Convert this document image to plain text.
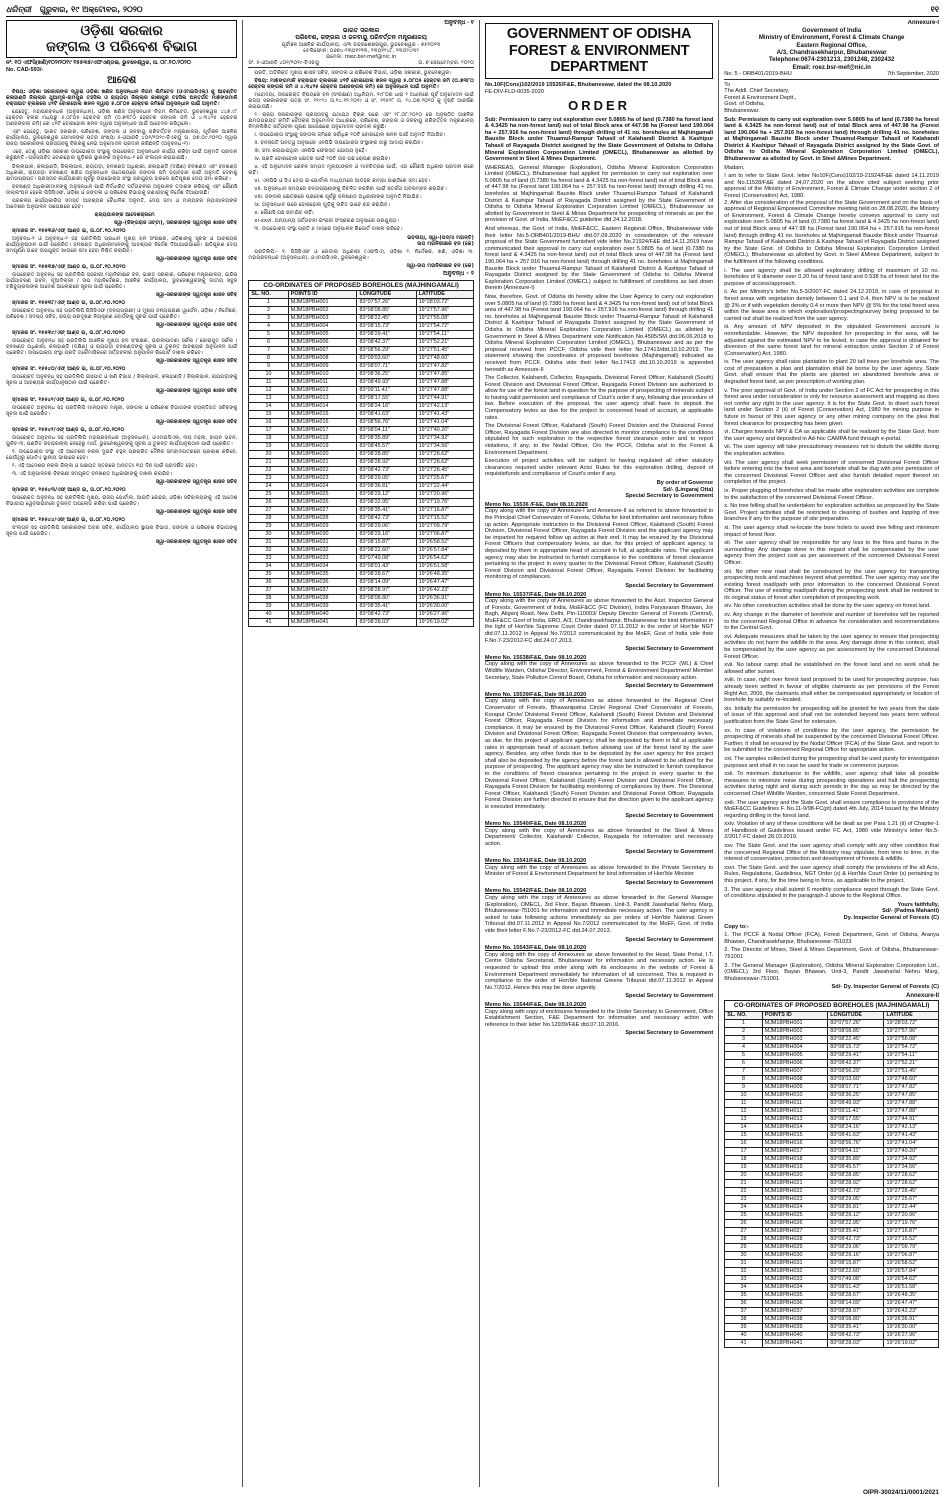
ଧରିତ୍ରୀ ଗୁରୁବାର, ୧୯ ଅକ୍ଟୋବର, ୨୦୨୦	୧୧
ଓଡ଼ିଶା ସରକାର
ଜଙ୍ଗଲ ଓ ପରିବେଶ ବିଭାଗ
ନଂ. ୧୦ ଏଫସି(ଖଣି)୧୦୨/୨୦୧୯ ୧୫୫୩୫/ଏଫଏଣ୍ଡଇ, ଭୁବନେଶ୍ୱର, ତା. ୦୮.୧୦.୨୦୨୦
No. CAD-593/-
ଆଦେଶ

ବିଷୟ: ଓଡ଼ିଶା ସରକାରଙ୍କ ଦ୍ୱାରା ଓଡ଼ିଶା ଖଣିଜ ଅନୁସନ୍ଧାନ ନିଗମ ଲିମିଟେଡ (ଓଏମଇସିଏଲ) କୁ ଆବଣ୍ଟିତ କଳାହାଣ୍ଡି ଜିଲ୍ଲାର ଥୁଆମୂଳ-ରାମପୁର ତହସିଲ ଓ ରାୟଗଡ଼ା ଜିଲ୍ଲାର କାଶୀପୁର ତହସିଲ ଅନ୍ତର୍ଗତ ମାଝିଙ୍ଗମାଳି ବକ୍ସାଇଟ ବ୍ଲକରେ ୪୧ଟି ବୋରହୋଲ ଖନନ ଦ୍ୱାରା ୫.୦୮୦୫ ହେକ୍ଟର ଜମିରେ ଅନୁସନ୍ଧାନ ପାଇଁ ଅନୁମତି।

ଯେହେତୁ, ମହାପ୍ରବନ୍ଧକ (ଅନୁସନ୍ଧାନ), ଓଡ଼ିଶା ଖଣିଜ ଅନୁସନ୍ଧାନ ନିଗମ ଲିମିଟେଡ, ଭୁବନେଶ୍ୱର ୪୪୭.୯୮ ହେକ୍ଟର ବ୍ଲକ ମଧ୍ୟରୁ ୫.୦୮୦୫ ହେକ୍ଟର ଜମି (୦.୭୩୮୦ ହେକ୍ଟର ଜଙ୍ଗଲ ଜମି ଓ ୪.୩୪୨୫ ହେକ୍ଟର ଅଣଜଙ୍ଗଲ ଜମି) ରେ ୪୧ଟି ବୋରହୋଲ ଖନନ ଦ୍ୱାରା ଅନୁସନ୍ଧାନ ପାଇଁ ଆବେଦନ କରିଥିଲେ।

ଏବଂ ଯେହେତୁ, ଭାରତ ସରକାର, ପରିବେଶ, ଜଙ୍ଗଲ ଓ ଜଳବାୟୁ ପରିବର୍ତ୍ତନ ମନ୍ତ୍ରଣାଳୟ, ପୂର୍ବାଞ୍ଚଳ ଆଞ୍ଚଳିକ କାର୍ଯ୍ୟାଳୟ, ଭୁବନେଶ୍ୱର ସେମାନଙ୍କ ପତ୍ର ସଂଖ୍ୟା ୫-ଓଆରବି ୪୦୧/୨୦୧୯-ବିଏଚୟୁ ତା. ୦୭.୦୯.୨୦୨୦ ଦ୍ୱାରା ରାଜ୍ୟ ସରକାରଙ୍କ ପ୍ରସ୍ତାବକୁ ବିଚାରକୁ ନେଇ ଅନୁମୋଦନ ପ୍ରଦାନ କରିଛନ୍ତି (ଅନୁବନ୍ଧ-୧)।

ଏବେ, ତେଣୁ ଓଡ଼ିଶା ସରକାର ଉପଭୋକ୍ତା ସଂସ୍ଥାକୁ ଉପରୋକ୍ତ ଅନୁସନ୍ଧାନ କାର୍ଯ୍ୟ କରିବା ପାଇଁ ଅନୁମତି ପ୍ରଦାନ କରୁଛନ୍ତି। ପ୍ରସ୍ତାବିତ ବୋରହୋଲ ଗୁଡ଼ିକର ସ୍ଥାନାଙ୍କ ଅନୁବନ୍ଧ-୨ ରେ ସଂଲଗ୍ନ କରାଯାଇଛି।

ଜିଲ୍ଲାପାଳ, କଳାହାଣ୍ଡି, ଜିଲ୍ଲାପାଳ, ରାୟଗଡ଼ା, ବନଖଣ୍ଡ ଅଧିକାରୀ, କଳାହାଣ୍ଡି (ଦକ୍ଷିଣ) ବନଖଣ୍ଡ ଏବଂ ବନଖଣ୍ଡ ଅଧିକାରୀ, ରାୟଗଡ଼ା ବନଖଣ୍ଡ ଖଣିଜ ଅନୁସନ୍ଧାନ ଉଦ୍ଦେଶ୍ୟରେ ଜଙ୍ଗଲ ଜମି ବ୍ୟବହାର ପାଇଁ ଅନୁମତି ଦେବାକୁ କ୍ଷମତାପ୍ରାପ୍ତ। ପ୍ରସ୍ତାବ କାର୍ଯ୍ୟକାରୀ ପୂର୍ବରୁ ଉପଭୋକ୍ତା ସଂସ୍ଥା ପ୍ରଯୁଜ୍ୟ ହାରରେ କ୍ଷତିପୂରଣ ଦେୟ ଜମା କରିବେ।

ବନଖଣ୍ଡ ଅଧିକାରୀମାନଙ୍କୁ ଅନୁସନ୍ଧାନ ପାଇଁ ନିର୍ଦ୍ଧାରିତ ସର୍ତ୍ତାବଳୀର ଅନୁପାଳନ ତଦାରଖ କରିବାକୁ ଏବଂ କୌଣସି ଉଲ୍ଲଂଘନ ହେଲେ ପିସିସିଏଫ, ଓଡ଼ିଶା ଓ ଜଙ୍ଗଲ ଓ ପରିବେଶ ବିଭାଗକୁ ଜଣାଇବାକୁ ନିର୍ଦ୍ଦେଶ ଦିଆଯାଉଛି।

ପ୍ରକଳ୍ପ କାର୍ଯ୍ୟକାରିତା ସମସ୍ତ ଆବଶ୍ୟକ ବୈଧାନିକ ଅନୁମତି, ଦେୟ ଜମା ଓ ମାନ୍ୟବର ନ୍ୟାୟାଳୟଙ୍କ ଆଦେଶର ଅନୁପାଳନ ସାପେକ୍ଷରେ ହେବ।

ରାଜ୍ୟପାଳଙ୍କ ଆଦେଶକ୍ରମେ

ସ୍ୱା-(ଜିଙ୍ଗରାଜ ଓଟ୍ଟା), ସରକାରଙ୍କ ସ୍ୱତନ୍ତ୍ର ଶାସନ ସଚିବ

ସ୍ମାରକ ସଂ. ୧୫୫୩୬/ଏଫ୍ ଆଣ୍ଡ ଇ, ତା.୦୮.୧୦.୨୦୨୦

ଅନୁବନ୍ଧ-୧ ଓ ଅନୁବନ୍ଧ-୨ ସହ ପ୍ରତିଲିପି ପ୍ରଧାନ ମୁଖ୍ୟ ବନ ସଂରକ୍ଷକ, ଓଡ଼ିଶାଙ୍କୁ ସୂଚନା ଓ ଆବଶ୍ୟକ କାର୍ଯ୍ୟାନୁଷ୍ଠାନ ପାଇଁ ପ୍ରେରିତ। ବନଖଣ୍ଡ ଅଧିକାରୀମାନଙ୍କୁ ଆବଶ୍ୟକ ନିର୍ଦ୍ଦେଶ ଦିଆଯାଇପାରେ। କ୍ଷତିପୂରଣ ଦେୟ ସମ୍ପୂର୍ଣ୍ଣ ଭାବେ ଉପଯୁକ୍ତ ଖାତାରେ ଜମା ହେବା ନିଶ୍ଚିତ କରାଯିବ।

ସ୍ୱା-ସରକାରଙ୍କ ସ୍ୱତନ୍ତ୍ର ଶାସନ ସଚିବ

ସ୍ମାରକ ସଂ. ୧୫୫୩୭/ଏଫ୍ ଆଣ୍ଡ ଇ, ତା.୦୮.୧୦.୨୦୨୦

ଉପରୋକ୍ତ ଅନୁବନ୍ଧ ସହ ପ୍ରତିଲିପି ସହକାରୀ ମହାନିରୀକ୍ଷକ ବନ, ଭାରତ ସରକାର, ପରିବେଶ ମନ୍ତ୍ରଣାଳୟ, ଇନ୍ଦିରା ପର୍ଯ୍ୟାବରଣ ଭବନ, ନୂଆଦିଲ୍ଲୀ / ଉପ ମହାନିର୍ଦ୍ଦେଶକ, ଆଞ୍ଚଳିକ କାର୍ଯ୍ୟାଳୟ, ଭୁବନେଶ୍ୱରଙ୍କୁ ଜାତୀୟ ସବୁଜ ଟ୍ରିବ୍ୟୁନାଲଙ୍କ ଆଦେଶ ଆଲୋକରେ ସୂଚନା ପାଇଁ ପ୍ରେରିତ।

ସ୍ୱା-ସରକାରଙ୍କ ସ୍ୱତନ୍ତ୍ର ଶାସନ ସଚିବ

ସ୍ମାରକ ସଂ. ୧୫୫୩୮/ଏଫ୍ ଆଣ୍ଡ ଇ, ତା.୦୮.୧୦.୨୦୨୦

ଉପରୋକ୍ତ ଅନୁବନ୍ଧ ସହ ପ୍ରତିଲିପି ପିସିସିଏଫ (ବନ୍ୟପ୍ରାଣୀ) ଓ ମୁଖ୍ୟ ବନ୍ୟପ୍ରାଣୀ ୱାର୍ଡେନ, ଓଡ଼ିଶା / ନିର୍ଦ୍ଦେଶକ, ପରିବେଶ / ସଦସ୍ୟ ସଚିବ, ରାଜ୍ୟ ପ୍ରଦୂଷଣ ନିୟନ୍ତ୍ରଣ ବୋର୍ଡଙ୍କୁ ସୂଚନା ପାଇଁ ପ୍ରେରିତ।

ସ୍ୱା-ସରକାରଙ୍କ ସ୍ୱତନ୍ତ୍ର ଶାସନ ସଚିବ

ସ୍ମାରକ ସଂ. ୧୫୫୩୯/ଏଫ୍ ଆଣ୍ଡ ଇ, ତା.୦୮.୧୦.୨୦୨୦

ଉପରୋକ୍ତ ଅନୁବନ୍ଧ ସହ ପ୍ରତିଲିପି ଆଞ୍ଚଳିକ ମୁଖ୍ୟ ବନ ସଂରକ୍ଷକ, ଭବାନୀପାଟଣା ସର୍କଲ / କୋରାପୁଟ ସର୍କଲ / ବନଖଣ୍ଡ ଅଧିକାରୀ, କଳାହାଣ୍ଡି (ଦକ୍ଷିଣ) ଓ ରାୟଗଡ଼ା ବନଖଣ୍ଡଙ୍କୁ ସୂଚନା ଓ ତୁରନ୍ତ ଆବଶ୍ୟକ ଅନୁପାଳନ ପାଇଁ ପ୍ରେରିତ। ଉପଭୋକ୍ତା ସଂସ୍ଥା ପ୍ରତି ତ୍ରୈମାସିକରେ ସର୍ତ୍ତାବଳୀର ଅନୁପାଳନ ରିପୋର୍ଟ ଦାଖଲ କରିବେ।

ସ୍ୱା-ସରକାରଙ୍କ ସ୍ୱତନ୍ତ୍ର ଶାସନ ସଚିବ

ସ୍ମାରକ ସଂ. ୧୫୫୪୦/ଏଫ୍ ଆଣ୍ଡ ଇ, ତା.୦୮.୧୦.୨୦୨୦

ଉପରୋକ୍ତ ଅନୁବନ୍ଧ ସହ ପ୍ରତିଲିପି ଇସ୍ପାତ ଓ ଖଣି ବିଭାଗ / ଜିଲ୍ଲାପାଳ, କଳାହାଣ୍ଡି / ଜିଲ୍ଲାପାଳ, ରାୟଗଡ଼ାଙ୍କୁ ସୂଚନା ଓ ଆବଶ୍ୟକ କାର୍ଯ୍ୟାନୁଷ୍ଠାନ ପାଇଁ ପ୍ରେରିତ।

ସ୍ୱା-ସରକାରଙ୍କ ସ୍ୱତନ୍ତ୍ର ଶାସନ ସଚିବ

ସ୍ମାରକ ସଂ. ୧୫୫୪୧/ଏଫ୍ ଆଣ୍ଡ ଇ, ତା.୦୮.୧୦.୨୦୨୦

ଉପରୋକ୍ତ ଅନୁବନ୍ଧ ସହ ପ୍ରତିଲିପି ମାନ୍ୟବର ମନ୍ତ୍ରୀ, ଜଙ୍ଗଲ ଓ ପରିବେଶ ବିଭାଗଙ୍କ ବ୍ୟକ୍ତିଗତ ସଚିବଙ୍କୁ ସୂଚନା ପାଇଁ ପ୍ରେରିତ।

ସ୍ୱା-ସରକାରଙ୍କ ସ୍ୱତନ୍ତ୍ର ଶାସନ ସଚିବ

ସ୍ମାରକ ସଂ. ୧୫୫୪୨/ଏଫ୍ ଆଣ୍ଡ ଇ, ତା.୦୮.୧୦.୨୦୨୦

ଉପରୋକ୍ତ ଅନୁବନ୍ଧ ସହ ପ୍ରତିଲିପି ମହାପ୍ରବନ୍ଧକ (ଅନୁସନ୍ଧାନ), ଓଏମଇସିଏଲ, ୩ୟ ମହଲା, ବାୟନ ଭବନ, ୟୁନିଟ-୩, ପଣ୍ଡିତ ଜବାହରଲାଲ ନେହେରୁ ମାର୍ଗ, ଭୁବନେଶ୍ୱରଙ୍କୁ ସୂଚନା ଓ ତୁରନ୍ତ କାର୍ଯ୍ୟାନୁଷ୍ଠାନ ପାଇଁ ପ୍ରେରିତ।

୧. ଉପଭୋକ୍ତା ସଂସ୍ଥା ଏହି ଆଦେଶର ନକଲ ଦୁଇଟି ବହୁଳ ପ୍ରଚାରିତ ଦୈନିକ ସମ୍ବାଦପତ୍ରରେ ପ୍ରକାଶ କରିବେ, ଯେଉଁଥିରୁ ଗୋଟିଏ ସ୍ଥାନୀୟ ଭାଷାରେ ହେବ।

୨. ଏହି ଆଦେଶର ନକଲ ଜିଲ୍ଲା ଓ ପଞ୍ଚାୟତ ସ୍ତରରେ ଅନ୍ତତଃ ୩୦ ଦିନ ପାଇଁ ପ୍ରଦର୍ଶିତ ହେବ।

୩. ଏହି ଅନୁପାଳନର ବିବରଣୀ ସମ୍ପୃକ୍ତ ବନଖଣ୍ଡ ଅଧିକାରୀଙ୍କୁ ଦାଖଲ କରାଯିବ।

ସ୍ୱା-ସରକାରଙ୍କ ସ୍ୱତନ୍ତ୍ର ଶାସନ ସଚିବ

ସ୍ମାରକ ସଂ. ୧୫୫୪୩/ଏଫ୍ ଆଣ୍ଡ ଇ, ତା.୦୮.୧୦.୨୦୨୦

ଉପରୋକ୍ତ ଅନୁବନ୍ଧ ସହ ପ୍ରତିଲିପି ମୁଖ୍ୟ, ରାଜ୍ୟ ପୋର୍ଟାଲ, ଆଇଟି କେନ୍ଦ୍ର, ଓଡ଼ିଶା ସଚିବାଳୟଙ୍କୁ ଏହି ଆଦେଶ ବିଭାଗୀୟ ୱେବସାଇଟରେ ତୁରନ୍ତ ଅପଲୋଡ କରିବା ପାଇଁ ପ୍ରେରିତ।

ସ୍ୱା-ସରକାରଙ୍କ ସ୍ୱତନ୍ତ୍ର ଶାସନ ସଚିବ

ସ୍ମାରକ ସଂ. ୧୫୫୪୪/ଏଫ୍ ଆଣ୍ଡ ଇ, ତା.୦୮.୧୦.୨୦୨୦

ସଂଲଗ୍ନ ସହ ପ୍ରତିଲିପି ସରକାରଙ୍କ ଅବର ସଚିବ, କାର୍ଯ୍ୟାଳୟ ସ୍ଥାପନା ବିଭାଗ, ଜଙ୍ଗଲ ଓ ପରିବେଶ ବିଭାଗଙ୍କୁ ସୂଚନା ପାଇଁ ପ୍ରେରିତ।

ସ୍ୱା-ସରକାରଙ୍କ ସ୍ୱତନ୍ତ୍ର ଶାସନ ସଚିବ

ଅନୁବନ୍ଧ - ୧
ଭାରତ ସରକାର
ପରିବେଶ, ଜଙ୍ଗଲ ଓ ଜଳବାୟୁ ପରିବର୍ତ୍ତନ ମନ୍ତ୍ରଣାଳୟ
ପୂର୍ବାଞ୍ଚଳ ଆଞ୍ଚଳିକ କାର୍ଯ୍ୟାଳୟ, ଏ/୩ ଚନ୍ଦ୍ରଶେଖରପୁର, ଭୁବନେଶ୍ୱର - ୭୫୧୦୨୩
ଟେଲିଫୋନ: ୦୬୭୪-୨୩୦୧୨୧୩, ୨୩୦୧୨୪୮, ୨୩୦୨୪୩୨
ଇମେଲ: roez.bsr-mef@nic.in
ସଂ. ୫-ଓଆରବି ୪୦୧/୨୦୧୯-ବିଏଚୟୁ	ତା. ୭ ସେପ୍ଟେମ୍ବର, ୨୦୨୦

ପ୍ରତି, ଅତିରିକ୍ତ ମୁଖ୍ୟ ଶାସନ ସଚିବ, ଜଙ୍ଗଲ ଓ ପରିବେଶ ବିଭାଗ, ଓଡ଼ିଶା ସରକାର, ଭୁବନେଶ୍ୱର।

ବିଷୟ: ମାଝିଙ୍ଗମାଳି ବକ୍ସାଇଟ ବ୍ଲକରେ ୪୧ଟି ବୋରହୋଲ ଖନନ ଦ୍ୱାରା ୫.୦୮୦୫ ହେକ୍ଟର ଜମି (୦.୭୩୮୦ ହେକ୍ଟର ଜଙ୍ଗଲ ଜମି ଓ ୪.୩୪୨୫ ହେକ୍ଟର ଅଣଜଙ୍ଗଲ ଜମି) ରେ ଅନୁସନ୍ଧାନ ପାଇଁ ଅନୁମତି।

ମହୋଦୟା, ଉପରୋକ୍ତ ବିଷୟରେ ବନ (ସଂରକ୍ଷଣ) ଅଧିନିୟମ, ୧୯୮୦ର ଧାରା ୨ ଅଧୀନରେ ପୂର୍ବ ଅନୁମୋଦନ ପାଇଁ ରାଜ୍ୟ ସରକାରଙ୍କ ପତ୍ର ସଂ. ୨୧୯୨୪ ତା.୧୪.୧୧.୨୦୧୯ ଓ ସଂ. ୧୧୫୨୮ ତା. ୨୪.୦୭.୨୦୨୦ କୁ ଦୃଷ୍ଟି ଆକର୍ଷଣ କରାଯାଉଛି।

୨. ରାଜ୍ୟ ସରକାରଙ୍କ ପ୍ରସ୍ତାବକୁ ଯଥାଯଥ ବିଚାର ପରେ ଏବଂ ୨୮.୦୮.୨୦୨୦ ରେ ଅନୁଷ୍ଠିତ ଆଞ୍ଚଳିକ କ୍ଷମତାପ୍ରାପ୍ତ କମିଟି ବୈଠକର ଅନୁମୋଦନ ଆଧାରରେ, ପରିବେଶ, ଜଙ୍ଗଲ ଓ ଜଳବାୟୁ ପରିବର୍ତ୍ତନ ମନ୍ତ୍ରଣାଳୟ ନିମ୍ନଲିଖିତ ସର୍ତ୍ତାବଳୀ ପୂରଣ ସାପେକ୍ଷରେ ଅନୁମୋଦନ ପ୍ରଦାନ କରୁଛି।

i. ଉପଭୋକ୍ତା ସଂସ୍ଥାକୁ ଜଙ୍ଗଲ ଜମିରେ ସର୍ବାଧିକ ୧୦ଟି ବୋରହୋଲ ଖନନ ପାଇଁ ଅନୁମତି ଦିଆଯିବ।

ii. ବନସ୍ପତି ଘନତ୍ୱ ଅନୁସାରେ ଏନପିଭି ଉପଭୋକ୍ତା ସଂସ୍ଥାଙ୍କ ଠାରୁ ଆଦାୟ କରାଯିବ।

iii. ଜମା କରାଯାଇଥିବା ଏନପିଭି ଫେରସ୍ତ ଯୋଗ୍ୟ ନୁହେଁ।

iv. ପ୍ରତି ବୋରହୋଲ କ୍ଷେତ୍ର ପାଇଁ ୨୦ଟି ଉଚ୍ଚ ଗଛ ରୋପଣ କରାଯିବ।

v. ଏହି ଅନୁମୋଦନ କେବଳ ସମ୍ପଦ ମୂଲ୍ୟାଙ୍କନ ଓ ମାନଚିତ୍ରଣ ପାଇଁ, ଏହା କୌଣସି ଅଧିକାର ପ୍ରଦାନ କରେ ନାହିଁ।

vi. ଏନପିଭି ଓ ସିଏ ଦେୟ ଇ-ପୋର୍ଟାଲ ମାଧ୍ୟମରେ ଆଡହକ କାମ୍ପା ପାଣ୍ଠିରେ ଜମା ହେବ।

vii. ଅନୁସନ୍ଧାନ ସମୟରେ ବନ୍ୟପ୍ରାଣୀଙ୍କୁ ବିଚଳିତ ନକରିବା ପାଇଁ ସତର୍କତା ଅବଲମ୍ବନ କରାଯିବ।

viii. ଜଙ୍ଗଲ କ୍ଷେତ୍ରରେ ପ୍ରବେଶ ପୂର୍ବରୁ ବନଖଣ୍ଡ ଅଧିକାରୀଙ୍କ ଅନୁମତି ନିଆଯିବ।

ix. ଅନୁସନ୍ଧାନ ପରେ ବୋରହୋଲ ଗୁଡ଼ିକୁ ଉଚିତ ଭାବେ ବନ୍ଦ କରାଯିବ।

x. କୌଣସି ଗଛ କଟାଯିବ ନାହିଁ।

xi-xxvi. ଅନ୍ୟାନ୍ୟ ସର୍ତ୍ତାବଳୀ ଇଂରାଜୀ ସଂସ୍କରଣ ଅନୁସାରେ ପ୍ରଯୁଜ୍ୟ।

୩. ଉପଭୋକ୍ତା ସଂସ୍ଥା ପ୍ରତି ୬ ମାସରେ ଅନୁପାଳନ ରିପୋର୍ଟ ଦାଖଲ କରିବେ।

ଭବଦୀୟା, ସ୍ୱା-(ପଦ୍ମା ମହାନ୍ତି)
ଉପ ମହାନିରୀକ୍ଷକ ବନ (କେ)

ପ୍ରତିଲିପି:- ୧. ପିସିସିଏଫ ଓ ନୋଡାଲ ଅଧିକାରୀ (ଏଫସିଏ), ଓଡ଼ିଶା ୨. ନିର୍ଦ୍ଦେଶକ, ଖଣି, ଓଡ଼ିଶା ୩. ମହାପ୍ରବନ୍ଧକ (ଅନୁସନ୍ଧାନ), ଓଏମଇସିଏଲ, ଭୁବନେଶ୍ୱର।

ସ୍ୱା-ଉପ ମହାନିରୀକ୍ଷକ ବନ (କେ)

ଅନୁବନ୍ଧ - ୨

CO-ORDINATES OF PROPOSED BOREHOLES (MAJHINGAMALI)
SL. NO.	POINTS ID	LONGITUDE	LATITUDE
1	MJM18PBH001	83°07'57.26"	19°28'03.72"
2	MJM18PBH002	83°08'08.85"	19°27'57.96"
3	MJM18PBH003	83°08'22.45"	19°27'55.08"
4	MJM18PBH004	83°08'15.73"	19°27'54.72"
5	MJM18PBH005	83°08'29.41"	19°27'54.11"
6	MJM18PBH006	83°08'42.37"	19°27'52.21"
7	MJM18PBH007	83°08'56.29"	19°27'51.45"
8	MJM18PBH008	83°09'03.60"	19°27'48.60"
9	MJM18PBH009	83°08'07.71"	19°27'47.82"
10	MJM18PBH010	83°08'36.25"	19°27'47.85"
11	MJM18PBH011	83°08'49.93"	19°27'47.88"
12	MJM18PBH012	83°09'11.41"	19°27'47.88"
13	MJM18PBH013	83°08'17.55"	19°27'44.91"
14	MJM18PBH014	83°08'24.16"	19°27'42.13"
15	MJM18PBH015	83°08'41.63"	19°27'41.43"
16	MJM18PBH016	83°08'56.76"	19°27'41.04"
17	MJM18PBH017	83°08'04.11"	19°27'40.20"
18	MJM18PBH018	83°08'35.89"	19°27'34.92"
19	MJM18PBH019	83°08'45.57"	19°27'34.56"
20	MJM18PBH020	83°08'28.85"	19°27'28.62"
21	MJM18PBH021	83°08'28.92"	19°27'28.62"
22	MJM18PBH022	83°08'42.73"	19°27'28.45"
23	MJM18PBH023	83°08'29.05"	19°27'25.67"
24	MJM18PBH024	83°08'36.81"	19°27'22.44"
25	MJM18PBH025	83°08'29.12"	19°27'20.96"
26	MJM18PBH026	83°08'22.95"	19°27'19.76"
27	MJM18PBH027	83°08'35.41"	19°27'16.87"
28	MJM18PBH028	83°08'42.73"	19°27'15.52"
29	MJM18PBH029	83°08'29.06"	19°27'09.79"
30	MJM18PBH030	83°08'29.16"	19°27'06.87"
31	MJM18PBH031	83°08'15.87"	19°26'58.52"
32	MJM18PBH032	83°08'22.60"	19°26'57.84"
33	MJM18PBH033	83°07'49.08"	19°26'54.62"
34	MJM18PBH034	83°08'01.43"	19°26'51.58"
35	MJM18PBH035	83°08'28.67"	19°26'48.35"
36	MJM18PBH036	83°08'14.09"	19°26'47.47"
37	MJM18PBH037	83°08'28.97"	19°26'42.23"
38	MJM18PBH038	83°08'08.80"	19°26'36.91"
39	MJM18PBH039	83°08'35.41"	19°26'30.00"
40	MJM18PBH040	83°08'42.73"	19°26'27.96"
41	MJM18PBH041	83°08'28.03"	19°26'19.02"
GOVERNMENT OF ODISHA
FOREST & ENVIRONMENT DEPARTMENT
No.10F(Cons)102/2019 15535/F&E, Bhubaneswar, dated the 08.10.2020
FE-DIV-FLD-0035-2020
ORDER

Sub: Permission to carry out exploration over 5.0805 ha of land (0.7380 ha forest land & 4.3425 ha non-forest land) out of total Block area of 447.98 ha (Forest land 190.064 ha + 257.916 ha non-forest land) through drilling of 41 no. boreholes at Majhingamali Bauxite Block under Thuamul-Rampur Tahasil of Kalahandi District & Kashipur Tahasil of Rayagada District assigned by the State Government of Odisha to Odisha Mineral Exploration Corporation Limited (OMECL), Bhubaneswar as allotted by Government in Steel & Mines Department.

WHEREAS, General Manager (Exploration), Odisha Mineral Exploration Corporation Limited (OMECL), Bhubaneswar had applied for permission to carry out exploration over 5.0805 ha of land (0.7380 ha forest land & 4.3425 ha non-forest land) out of total Block area of 447.98 ha (Forest land 190.064 ha + 257.916 ha non-forest land) through drilling 41 no. boreholes at Majhingamali Bauxite Block under Thuamul-Rampur Tahasil of Kalahandi District & Kashipur Tahasil of Rayagada District assigned by the State Government of Odisha to Odisha Mineral Exploration Corporation Limited (OMECL), Bhubaneswar as allotted by Government in Steel & Mines Department for prospecting of minerals as per the provision of Govt. of India, MoEF&CC guideline dtd 24.12.2018.

And whereas, the Govt. of India, MoEF&CC, Eastern Regional Office, Bhubaneswar vide their letter No.5-ORB401/2019-BHU dtd.07.09.2020 in consideration of the relevant proposal of the State Government furnished vide letter No.21924/F&E dtd.14.11.2019 have communicated their approval to carry out exploration over 5.0805 ha of land (0.7380 ha forest land & 4.3425 ha non-forest land) out of total Block area of 447.98 ha (Forest land 190.064 ha + 257.916 ha non-forest land) through drilling 41 no. boreholes at Majhingamali Bauxite Block under Thuamul-Rampur Tahasil of Kalahandi District & Kashipur Tahasil of Rayagada District assigned by the State Government of Odisha to Odisha Mineral Exploration Corporation Limited (OMECL) subject to fulfillment of conditions as laid down therein (Annexure-I)

Now, therefore, Govt. of Odisha do hereby allow the User Agency to carry out exploration over 5.0805 ha of land (0.7380 ha forest land & 4.3425 ha non-forest land) out of total Block area of 447.98 ha (Forest land 190.064 ha + 257.916 ha non-forest land) through drilling 41 no. boreholes at Majhingamali Bauxite Block under Thuamul-Rampur Tahasil of Kalahandi District & Kashipur Tahasil of Rayagada District assigned by the State Government of Odisha to Odisha Mineral Exploration Corporation Limited (OMECL) as allotted by Government in Steel & Mines Department vide Notification No.4505/SM dtd.06.06.2018 to Odisha Mineral Exploration Corporation Limited (OMECL), Bhubaneswar and as per the proposal received from PCCF, Odisha vide their letter No.17413/dtd.10.10.2019. The statement showing the coordinates of proposed boreholes (Majhingamali) indicated as received from PCCF, Odisha vide their letter No.17413 dtd.10.10.2019 is appended herewith as Annexure-II

The Collector, Kalahandi, Collector, Rayagada, Divisional Forest Officer, Kalahandi (South) Forest Division and Divisional Forest Officer, Rayagada Forest Division are authorized to allow for use of the forest land in question for the purpose of prospecting of minerals subject to having valid permission and compliance of Court's order if any, following due procedure of law. Before execution of the proposal, the user agency shall have to deposit the Compensatory levies as due for the project to concerned head of account, at applicable rates.

The Divisional Forest Officer, Kalahandi (South) Forest Division and the Divisional Forest Officer, Rayagada Forest Division are also directed to monitor compliance to the conditions stipulated for such exploration in the respective forest clearance order and to report violations, if any, to the Nodal Officer, O/o the PCCF, Odisha and to the Forest & Environment Department.

Execution of project activities will be subject to having regulated all other statutory clearances required under relevant Acts/ Rules for this exploration drilling, deposit of requisitefunds and compliance of Court's order if any.

By order of Governor
Sd/- (Lingaraj Otta)
Special Secretary to Government
Memo No. 15536 /F&E, Date 08.10.2020

Copy along with the copy of Annexure-I and Annexure-II as referred to above forwarded to the Principal Chief Conservator of Forests, Odisha for kind information and necessary follow up action. Appropriate instruction to the Divisional Forest Officer, Kalahandi (South) Forest Division, Divisional Forest Officer, Rayagada Forest Division and the applicant agency may be imparted for required follow up action at their end. It may be ensured by the Divisional Forest Officers that compensatory levies, as due, for this project of applicant agency, is deposited by them in appropriate head of account in full, at applicable rates. The applicant agency may also be instructed to furnish compliance to the conditions of forest clearance pertaining to the project in every quarter to the Divisional Forest Officer, Kalahandi (South) Forest Division and Divisional Forest Officer, Rayagada Forest Division for facilitating monitoring of compliances.

Special Secretary to Government
Memo No. 15537/F&E, Date 08.10.2020

Copy along with the copy of Annexures as above forwarded to the Asst. Inspector General of Forests, Government of India, MoEF&CC (FC Division), Indira Paryavaran Bhawan, Jor Bagh, Aliganj Road, New Delhi, Pin-110003/ Deputy Director General of Forests (Central), MoEF&CC Govt of India, ERO, A/3, Chandrasekharpur, Bhubaneswar for kind information in the light of Hon'ble Supreme Court Order dated 07.11.2012 in the order of Hon'ble NGT dtd.07.11.2012 in Appeal No.7/2012 communicated by the MoEF, Govt of India vide their F.No.7-23/2012-FC dtd.24.07.2013.

Special Secretary to Government
Memo No. 15538/F&E, Date 08.10.2020

Copy along with the copy of Annexures as above forwarded to the PCCF (WL) & Chief Wildlife Warden, Odisha/ Director, Environment, Forest & Environment Department/ Member Secretary, State Pollution Control Board, Odisha for information and necessary action.

Special Secretary to Government
Memo No. 15539/F&E, Date 08.10.2020

Copy along with the copy of Annexures as above forwarded to the Regional Chief Conservator of Forests, Bhawanipatna Circle/ Regional Chief Conservator of Forests, Koraput Circle/ Divisional Forest Officer, Kalahandi (South) Forest Division and Divisional Forest Officer, Rayagada Forest Division for information and immediate necessary compliance. It may be ensured by the Divisional Forest Officer, Kalahandi (South) Forest Division and Divisional Forest Officer, Rayagada Forest Division that compensatory levies, as due, for this project of applicant agency, shall be deposited by them in full at applicable rates in appropriate head of account before allowing use of the forest land by the user agency. Besides, any other funds due to be deposited by the user agency for this project shall also be deposited by the agency before the forest land is allowed to be utilized for the purpose of prospecting. The applicant agency may also be instructed to furnish compliance to the conditions of forest clearance pertaining to the project in every quarter to the Divisional Forest Officer, Kalahandi (South) Forest Division and Divisional Forest Officer, Rayagada Forest Division for facilitating monitoring of compliances by them. The Divisional Forest Officer, Kalahandi (South) Forest Division and Divisional Forest Officer, Rayagada Forest Division are further directed to ensure that the direction given to the applicant agency is executed immediately.

Special Secretary to Government
Memo No. 15540/F&E, Date 08.10.2020

Copy along with the copy of Annexures as above forwarded to the Steel & Mines Department/ Collector, Kalahandi/ Collector, Rayagada for information and necessary action.

Special Secretary to Government
Memo No. 15541/F&E, Date 08.10.2020

Copy along with the copy of Annexures as above forwarded to the Private Secretary to Minister of Forest & Environment Department for kind information of Hon'ble Minister

Special Secretary to Government
Memo No. 15542/F&E, Date 08.10.2020

Copy along with the copy of Annexures as above forwarded to the General Manager (Exploration), OMECL, 3rd Floor, Bayan Bhawan, Unit-3, Pandit Jawaharlal Nehru Marg, Bhubaneswar-751001 for information and immediate necessary action. The user agency is asked to take following actions immediately as per orders of Hon'ble National Green Tribunal dtd.07.11.2012 in Appeal No.7/2012 communicated by the MoEF, Govt. of India vide their letter F.No.7-23/2012-FC dtd.24.07.2013.

Special Secretary to Government
Memo No. 15543/F&E, Date 08.10.2020

Copy along with the copy of Annexures as above forwarded to the Head, State Portal, I.T. Centre Odisha Secretariat, Bhubaneswar for information and necessary action. He is requested to upload this order along with its enclosures in the website of Forest & Environment Department immediately for information of all concerned. This is required in compliance to the order of Hon'ble National Greene Tribunal dtd.07.11.2012 in Appeal No.7/2012. Hence this may be done urgently.

Special Secretary to Government
Memo No. 15544/F&E, Date 08.10.2020

Copy along with copy of enclosures forwarded to the Under Secretary to Government, Office Establishment Section, F&E Department for information and necessary action with reference to their letter No.12939/F&E dtd.07.10.2016.

Special Secretary to Government
Annexure-I
Government of India
Ministry of Environment, Forest & Climate Change
Eastern Regional Office,
A/3, Chandrasekharpur, Bhubaneswar
Telephone:0674-2301213, 2301248, 2302432
Email: roez.bsr-mef@nic.in
No. 5 - ORB401/2019-BHU	7th September, 2020

To
The Addl. Chief Secretary,
Forest & Environment Deptt.,
Govt. of Odisha,
Bhubaneswar.

Sub: Permission to carry out exploration over 5.0805 ha of land (0.7380 ha forest land & 4.3425 ha non-forest land) out of total Block area of 447.98 ha (Forest land 190.064 ha + 257.916 ha non-forest land) through drilling 41 no. boreholes at Majhingamali Bauxite Block under Thuamul-Rampur Tahasil of Kalahandi District & Kashipur Tahasil of Rayagada District assigned by the State Govt. of Odisha to Odisha Mineral Exploration Corporation Limited (OMECL), Bhubaneswar as allotted by Govt. in Steel &Mines Department.

Madam,

I am to refer to State Govt. letter No10F(Cons)102/19-21924/F&E dated 14.11.2019 and No.11528/F&E dated 24.07.2020 on the above cited subject seeking prior approval of the Ministry of Environment, Forest & Climate Change under section 2 of Forest (Conservation) Act, 1980.
2. After due consideration of the proposal of the State Government and on the basis of approval of Regional Empowered Committee meeting held on 28.08.2020, the Ministry of Environment, Forest & Climate Change hereby conveys approval to carry out exploration over 5.0805 ha of land (0.7380 ha forest land & 4.3425 ha non-forest land) out of total Block area of 447.98 ha (Forest land 190.064 ha + 257.916 ha non-forest land) through drilling 41 no. boreholes at Majhingamali Bauxite Block under Thuamul-Rampur Tahasil of Kalahandi District & Kashipur Tahasil of Rayagada District assigned by the State Govt. of Odisha to Odisha Mineral Exploration Corporation Limited (OMECL), Bhubaneswar as allotted by Govt. in Steel &Mines Department, subject to the fulfillment of the following conditions.

i. The user agency shall be allowed exploratory drilling of maximum of 10 no. boreholes of 6 diameter over 0.20 ha of forest land and 0.538 ha of forest land for the purpose of access/approach.

ii. As per Ministry's letter No.5-3/2007-FC dated 24.12.2018, in case of proposal in forest areas with vegetation density between 0.1 and 0.4, then NPV is to be realized @ 2% or if with vegetation density 0.4 or more then NPV @ 5% for the total forest area within the lease area in which exploration/prospecting/survey being proposed to be carried out shall be realized from the user agency.

iii. Any amount of NPV deposited in the stipulated Government account is nonrefundable. However, the NPV deposited for prospecting in the area, will be adjusted against the estimated NPV to be levied, in case the approval is obtained for diversion of the same forest land for mineral extraction under Section 2 of Forest (Conservation) Act, 1980.

iv. The user agency shall raise plantation to plant 20 tall trees per borehole area. The cost of preparation a plan and plantation shall be borne by the user agency. State Govt. shall ensure that the plants are planted on abandoned borehole area or degraded forest land, as per prescription of working plan.

v. The prior approval of Govt. of India under Section 2 of FC Act for prospecting in this forest area under consideration is only for resource assessment and mapping as does not confer any right to the user agency. It is for the State Govt. to divert such forest land under Section 2 (ii) of Forest (Conservation) Act, 1980 for mining purpose in future in favour of this user agency or any other mining company on the plea that forest clearance for prospecting has been given.

vi. Charges towards NPV & CA as applicable shall be realized by the State Govt. from the user agency and deposited in Ad-hoc CAMPA fund through e-portal.

vii. The user agency will take precautionary measures not to disturb the wildlife during the exploration activities.

viii. The user agency shall seek permission of concerned Divisional Forest Officer before entering into the forest area and borehole shall be dug with prior permission of the concerned Divisional Forest Officer and also furnish detailed report thereof on completion of the project.

ix. Proper plugging of boreholes shall be made after exploration activities are complete to the satisfaction of the concerned Divisional Forest Officer.

x. No tree felling shall be undertaken for exploration activities as proposed by the State Govt. Project activities shall be restricted to cleaning of bushes and lopping of tree branches if any for the purpose of site preparation.

xi. The user agency shall re-locate the bore hole/s to avoid tree felling and minimum impact of forest floor.

xii. The user agency shall be responsible for any loss to the flora and fauna in the surrounding. Any damage done in this regard shall be compensated by the user agency from the project cost as per assessment of the concerned Divisional Forest Officer.

xiii. No other new road shall be constructed by the user agency for transporting prospecting tools and machines beyond what permitted. The user agency may use the existing forest road/path with prior information to the concerned Divisional Forest Officer. The use of existing road/path during the prospecting work shall be restored to its original status of forest after completion of prospecting work.

xiv. No other construction activities shall be done by the user agency on forest land.

xv. Any change in the diameter of borehole and number of boreholes will be reported to the concerned Regional Office in advance for consideration and recommendations to the Central Govt.

xvi. Adequate measures shall be taken by the user agency to ensure that prospecting activities do not harm the wildlife in the area. Any damage done in this context, shall be compensated by the user agency as per assessment by the concerned Divisional Forest Officer.

xvii. No labour camp shall be established on the forest land and no work shall be allowed after sunset.

xviii. In case, right over forest land proposed to be used for prospecting purpose, has already been settled in favour of eligible claimants as per provisions of the Forest Right Act, 2006, the claimants shall either be compensated appropriately or location of borehole by suitably re-located.

xix. Initially the permission for prospecting will be granted for two years from the date of issue of this approval and shall not be extended beyond two years term without justification from the State Govt for extension.

xx. In case of violations of conditions by the user agency, the permission for prospecting of minerals shall be suspended by the concerned Divisional Forest Officer. Further, it shall be ensured by the Nodal Officer (FCA) of the State Govt. and report to be submitted to the concerned Regional Office for appropriate action.

xxi. The samples collected during the prospecting shall be used purely for investigation purposes and shall in no case be used for trade or commerce purpose.

xxii. To minimum disturbance to the wildlife, user agency shall take all possible measures to minimize noise during prospecting operations and halt the prospecting activities during night and during such periods in the day as may be directed by the concerned Chief Wildlife Warden, concerned State Forest Department.

xxiii. The user agency and the State Govt. shall ensure compliance to provisions of the MoEF&CC Guidelines F. No.11-9/98-FC(pt) dated 4th July, 2014 issued by the Ministry regarding drilling in the forest land.

xxiv. Violation of any of these conditions will be dealt as per Para 1.21 (ii) of Chapter-1 of Handbook of Guidelines issued under FC Act, 1980 vide Ministry's letter No.5-2/2017-FC dated 28.03.2019.

xxv. The State Govt. and the user agency shall comply with any other condition that the concerned Regional Office of the Ministry may stipulate, from time to time, in the interest of conservation, protection and development of forests & wildlife.

xxvi. The State Govt. and the user agency shall comply the provisions of the all Acts, Rules, Regulations, Guidelines, NGT Order (s) & Hon'ble Court Order (s) pertaining to this project, if any, for the time being in force, as applicable to the project.

3. The user agency shall submit 6 monthly compliance report through the State Govt. of conditions stipulated in the paragraph-2 above to the Regional Office.

Yours faithfully,
Sd/- (Padma Mahanti)
Dy. Inspector General of Forests (C)

Copy to:-

1. The PCCF & Nodal Officer (FCA), Forest Department, Govt. of Odisha, Aranya Bhawan, Chandrasekharpur, Bhubaneswar-751023

2. The Director of Mines, Steel & Mines Department, Govt. of Odisha, Bhubaneswar-751001

3. The General Manager (Exploration), Odisha Mineral Exploration Corporation Ltd., (OMECL) 3rd Floor, Bayan Bhawan, Unit-3, Pandit Jawaharlal Nehru Marg, Bhubaneswar-751001

Sd/- Dy. Inspector General of Forests (C)
Annexure-II
CO-ORDINATES OF PROPOSED BOREHOLES (MAJHINGAMALI)
SL. NO.	POINTS ID	LONGITUDE	LATITUDE
1	MJM18PBH001	83°07'57.26"	19°28'03.72"
2	MJM18PBH002	83°08'08.85"	19°27'57.96"
3	MJM18PBH003	83°08'22.45"	19°27'55.08"
4	MJM18PBH004	83°08'15.73"	19°27'54.72"
5	MJM18PBH005	83°08'29.41"	19°27'54.11"
6	MJM18PBH006	83°08'42.37"	19°27'52.21"
7	MJM18PBH007	83°08'56.29"	19°27'51.45"
8	MJM18PBH008	83°09'03.60"	19°27'48.60"
9	MJM18PBH009	83°08'07.71"	19°27'47.82"
10	MJM18PBH010	83°08'36.25"	19°27'47.85"
11	MJM18PBH011	83°08'49.93"	19°27'47.88"
12	MJM18PBH012	83°09'11.41"	19°27'47.88"
13	MJM18PBH013	83°08'17.55"	19°27'44.91"
14	MJM18PBH014	83°08'24.16"	19°27'42.13"
15	MJM18PBH015	83°08'41.63"	19°27'41.43"
16	MJM18PBH016	83°08'56.76"	19°27'41.04"
17	MJM18PBH017	83°08'04.11"	19°27'40.20"
18	MJM18PBH018	83°08'35.89"	19°27'34.92"
19	MJM18PBH019	83°08'45.57"	19°27'34.56"
20	MJM18PBH020	83°08'28.85"	19°27'28.62"
21	MJM18PBH021	83°08'28.92"	19°27'28.62"
22	MJM18PBH022	83°08'42.73"	19°27'28.45"
23	MJM18PBH023	83°08'29.05"	19°27'25.67"
24	MJM18PBH024	83°08'36.81"	19°27'22.44"
25	MJM18PBH025	83°08'29.12"	19°27'20.96"
26	MJM18PBH026	83°08'22.95"	19°27'19.76"
27	MJM18PBH027	83°08'35.41"	19°27'16.87"
28	MJM18PBH028	83°08'42.73"	19°27'15.52"
29	MJM18PBH029	83°08'29.06"	19°27'09.79"
30	MJM18PBH030	83°08'29.16"	19°27'06.87"
31	MJM18PBH031	83°08'15.87"	19°26'58.52"
32	MJM18PBH032	83°08'22.60"	19°26'57.84"
33	MJM18PBH033	83°07'49.08"	19°26'54.62"
34	MJM18PBH034	83°08'01.43"	19°26'51.58"
35	MJM18PBH035	83°08'28.67"	19°26'48.35"
36	MJM18PBH036	83°08'14.09"	19°26'47.47"
37	MJM18PBH037	83°08'28.97"	19°26'42.23"
38	MJM18PBH038	83°08'08.80"	19°26'36.91"
39	MJM18PBH039	83°08'35.41"	19°26'30.00"
40	MJM18PBH040	83°08'42.73"	19°26'27.96"
41	MJM18PBH041	83°08'28.03"	19°26'19.02"
OIPR-30024/11/0001/2021
